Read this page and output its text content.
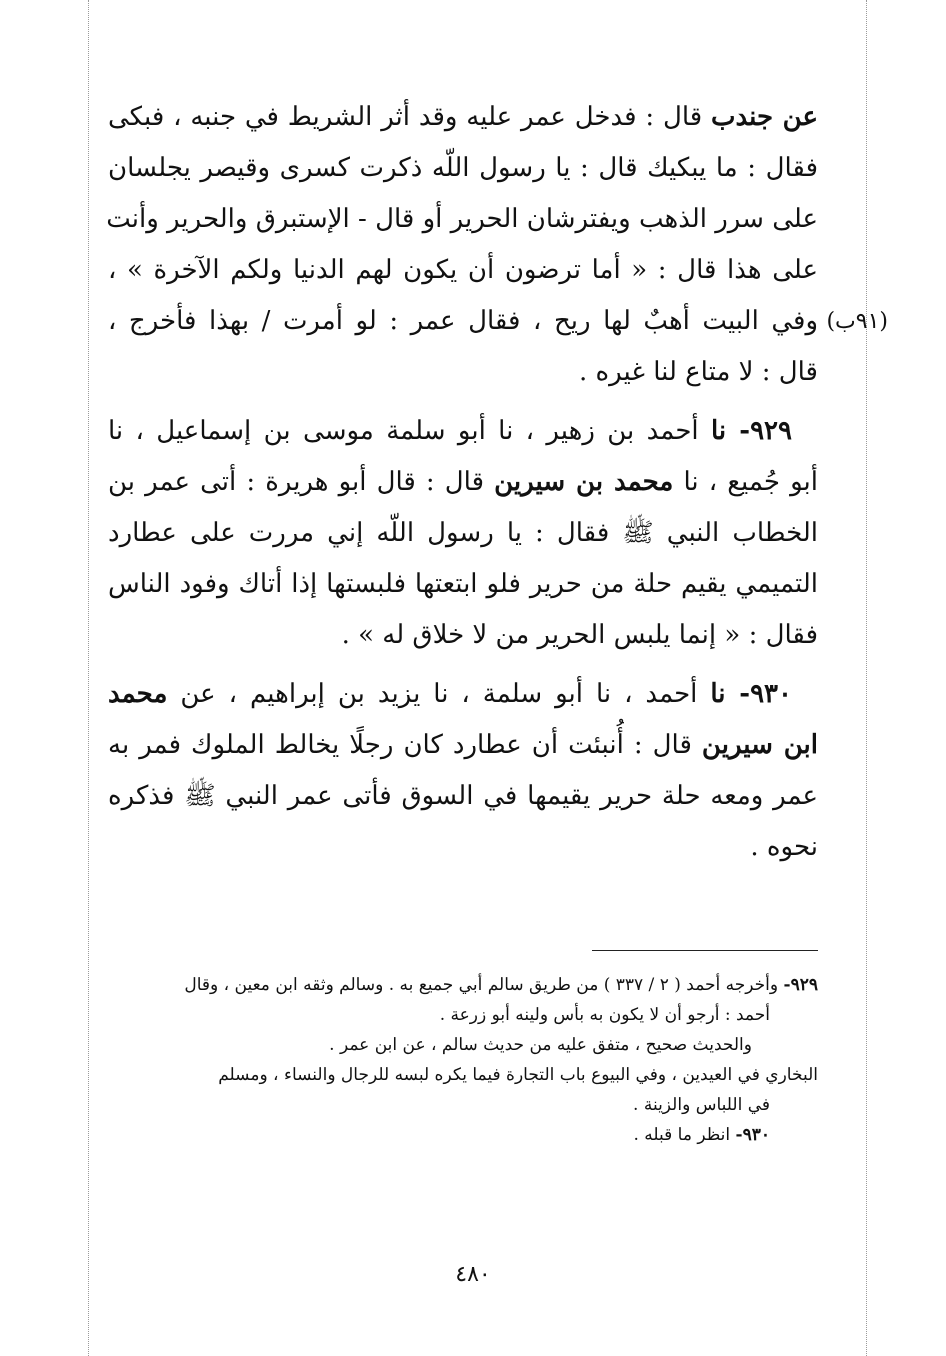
عن جندب قال : فدخل عمر عليه وقد أثر الشريط في جنبه ، فبكى
فقال : ما يبكيك قال : يا رسول اللّه ذكرت كسرى وقيصر يجلسان
على سرر الذهب ويفترشان الحرير أو قال - الإستبرق والحرير وأنت
على هذا قال : « أما ترضون أن يكون لهم الدنيا ولكم الآخرة » ،
(٩١ب)
وفي البيت أهبٌ لها ريح ، فقال عمر : لو أمرت / بهذا فأخرج ،
قال : لا متاع لنا غيره .
٩٢٩- نا أحمد بن زهير ، نا أبو سلمة موسى بن إسماعيل ، نا
أبو جُميع ، نا محمد بن سيرين قال : قال أبو هريرة : أتى عمر بن
الخطاب النبي ﷺ فقال : يا رسول اللّه إني مررت على عطارد
التميمي يقيم حلة من حرير فلو ابتعتها فلبستها إذا أتاك وفود الناس
فقال : « إنما يلبس الحرير من لا خلاق له » .
٩٣٠- نا أحمد ، نا أبو سلمة ، نا يزيد بن إبراهيم ، عن محمد
ابن سيرين قال : أُنبئت أن عطارد كان رجلًا يخالط الملوك فمر به
عمر ومعه حلة حرير يقيمها في السوق فأتى عمر النبي ﷺ فذكره
نحوه .
٩٢٩- وأخرجه أحمد ( ٢ / ٣٣٧ ) من طريق سالم أبي جميع به . وسالم وثقه ابن معين ، وقال
أحمد : أرجو أن لا يكون به بأس ولينه أبو زرعة .
والحديث صحيح ، متفق عليه من حديث سالم ، عن ابن عمر .
البخاري في العيدين ، وفي البيوع باب التجارة فيما يكره لبسه للرجال والنساء ، ومسلم
في اللباس والزينة .
٩٣٠- انظر ما قبله .
٤٨٠
